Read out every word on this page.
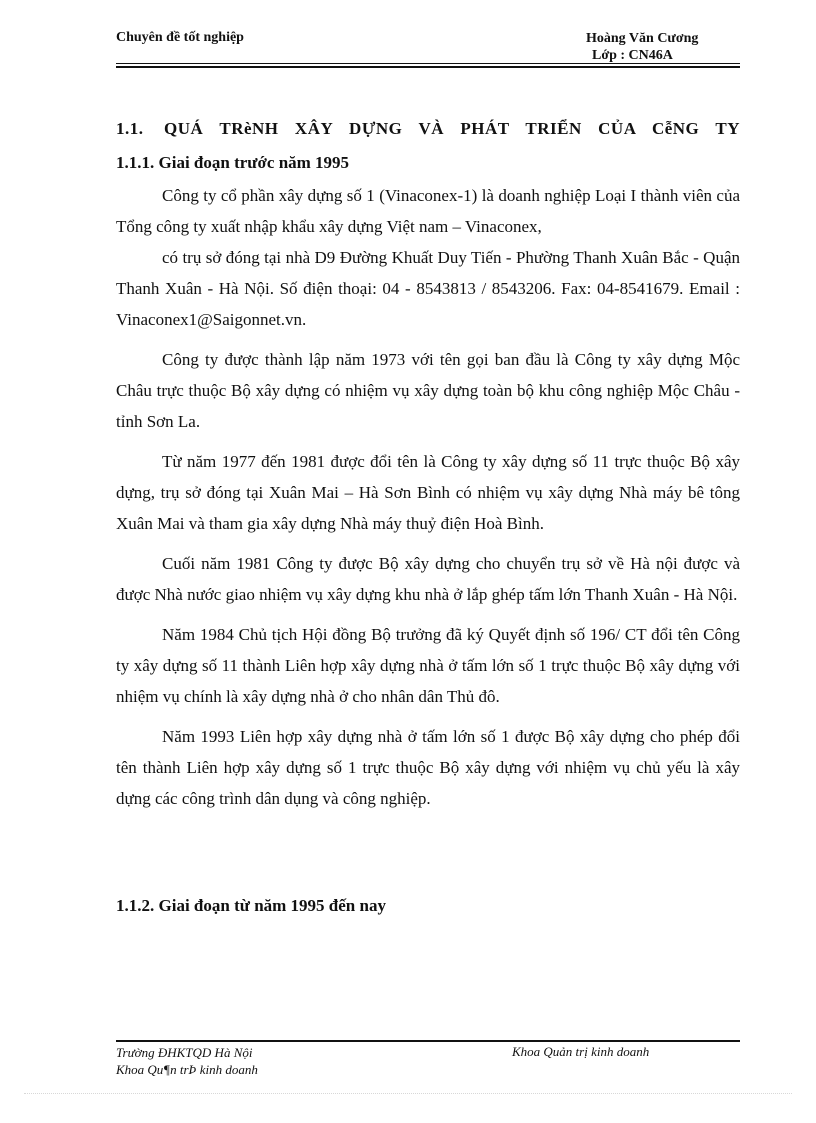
Chuyên đề tốt nghiệp	Hoàng Văn Cương
Lớp : CN46A
1.1.	QUÁ TRèNH XÂY DỰNG VÀ PHÁT TRIỂN CỦA CễNG TY
1.1.1. Giai đoạn trước năm 1995

Công ty cổ phần xây dựng số 1 (Vinaconex-1) là doanh nghiệp Loại I thành viên của Tổng công ty xuất nhập khẩu xây dựng Việt nam – Vinaconex,

có trụ sở đóng tại nhà D9 Đường Khuất Duy Tiến - Phường Thanh Xuân Bắc - Quận Thanh Xuân - Hà Nội. Số điện thoại: 04 - 8543813 / 8543206. Fax: 04-8541679. Email : Vinaconex1@Saigonnet.vn.

Công ty được thành lập năm 1973 với tên gọi ban đầu là Công ty xây dựng Mộc Châu trực thuộc Bộ xây dựng có nhiệm vụ xây dựng toàn bộ khu công nghiệp Mộc Châu - tỉnh Sơn La.

Từ năm 1977 đến 1981 được đổi tên là Công ty xây dựng số 11 trực thuộc Bộ xây dựng, trụ sở đóng tại Xuân Mai – Hà Sơn Bình có nhiệm vụ xây dựng Nhà máy bê tông Xuân Mai và tham gia xây dựng Nhà máy thuỷ điện Hoà Bình.

Cuối năm 1981 Công ty được Bộ xây dựng cho chuyển trụ sở về Hà nội được và được Nhà nước giao nhiệm vụ xây dựng khu nhà ở lắp ghép tấm lớn Thanh Xuân - Hà Nội.

Năm 1984 Chủ tịch Hội đồng Bộ trưởng đã ký Quyết định số 196/ CT đổi tên Công ty xây dựng số 11 thành Liên hợp xây dựng nhà ở tấm lớn số 1 trực thuộc Bộ xây dựng với nhiệm vụ chính là xây dựng nhà ở cho nhân dân Thủ đô.

Năm 1993 Liên hợp xây dựng nhà ở tấm lớn số 1 được Bộ xây dựng cho phép đổi tên thành Liên hợp xây dựng số 1 trực thuộc Bộ xây dựng với nhiệm vụ chủ yếu là xây dựng các công trình dân dụng và công nghiệp.

1.1.2. Giai đoạn từ năm 1995 đến nay
Trường ĐHKTQD Hà Nội
Khoa Qu¶n trÞ kinh doanh
Khoa Quản trị kinh doanh
